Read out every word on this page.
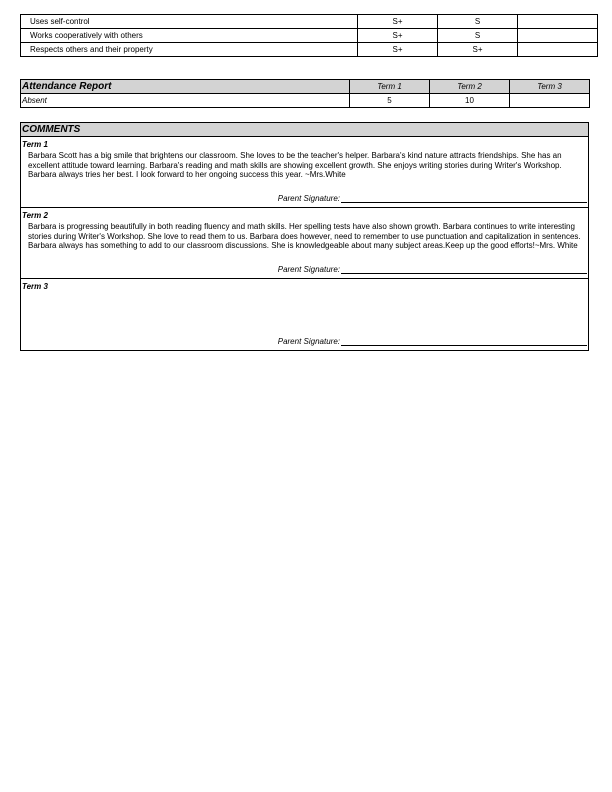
Uses self-control	S+	S	
Works cooperatively with others	S+	S	
Respects others and their property	S+	S+	
Attendance Report	Term 1	Term 2	Term 3
Absent	5	10	
COMMENTS
Term 1
Barbara Scott has a big smile that brightens our classroom. She loves to be the teacher's helper. Barbara's kind nature attracts friendships. She has an excellent attitude toward learning. Barbara's reading and math skills are showing excellent growth. She enjoys writing stories during Writer's Workshop. Barbara always tries her best. I look forward to her ongoing success this year. ~Mrs.White
Parent Signature:
Term 2
Barbara is progressing beautifully in both reading fluency and math skills. Her spelling tests have also shown growth. Barbara continues to write interesting stories during Writer's Workshop. She love to read them to us. Barbara does however, need to remember to use punctuation and capitalization in sentences. Barbara always has something to add to our classroom discussions. She is knowledgeable about many subject areas.Keep up the good efforts!~Mrs. White
Parent Signature:
Term 3
Parent Signature:
